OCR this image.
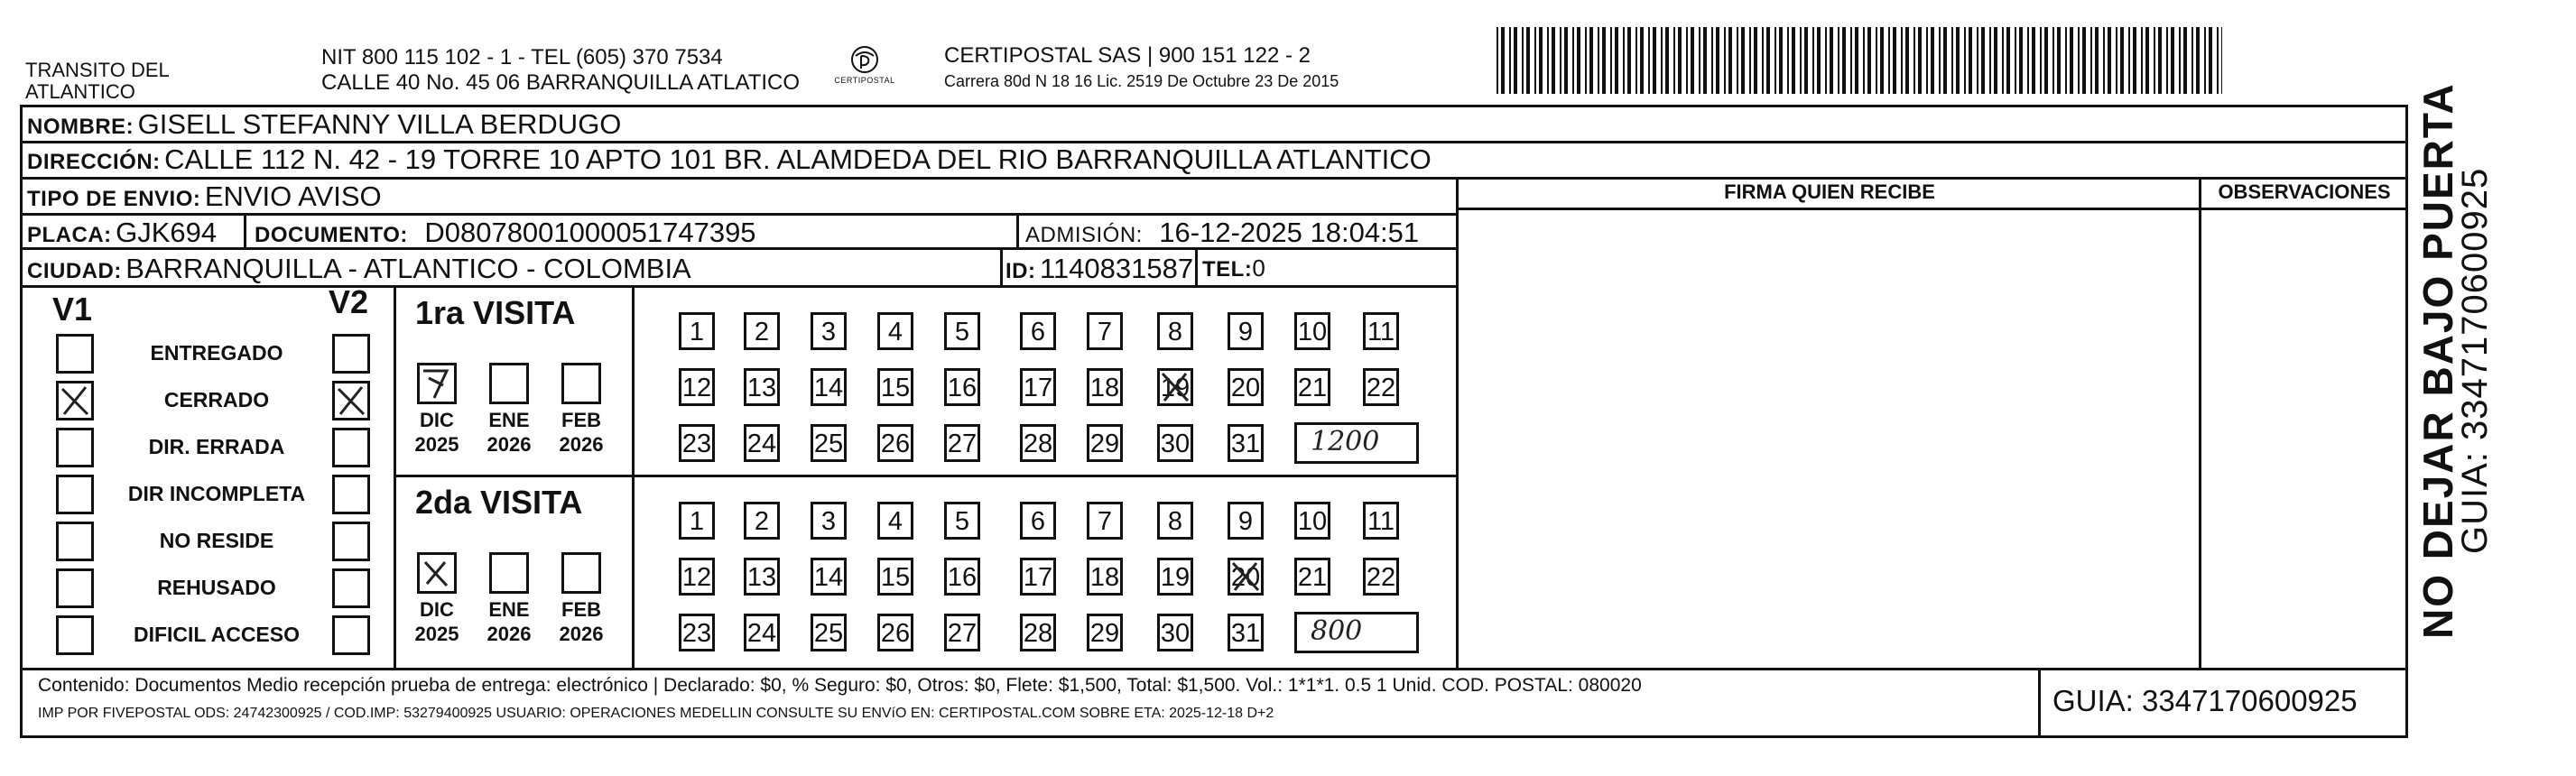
TRANSITO DEL
ATLANTICO
NIT 800 115 102 - 1 - TEL (605) 370 7534
CALLE 40 No. 45 06 BARRANQUILLA ATLATICO	CERTIPOSTAL
CERTIPOSTAL SAS | 900 151 122 - 2
Carrera 80d N 18 16 Lic. 2519 De Octubre 23 De 2015
NOMBRE: GISELL STEFANNY VILLA BERDUGO
DIRECCIÓN: CALLE 112 N. 42 - 19 TORRE 10 APTO 101 BR. ALAMDEDA DEL RIO BARRANQUILLA ATLANTICO
TIPO DE ENVIO: ENVIO AVISO
PLACA: GJK694 DOCUMENTO: D08078001000051747395	ADMISIÓN: 16-12-2025 18:04:51
CIUDAD: BARRANQUILLA - ATLANTICO - COLOMBIA	ID: 1140831587 TEL:0
FIRMA QUIEN RECIBE	OBSERVACIONES
V1	V2
ENTREGADO
CERRADO
DIR. ERRADA
DIR INCOMPLETA
NO RESIDE
REHUSADO
DIFICIL ACCESO
1ra VISITA
DIC
2025
ENE
2026
FEB
2026
1	2	3	4	5	6	7	8	9	10 11
12 13 14 15 16 17 18 19 20 21 22
23 24 25 26 27 28 29 30 31 1200
2da VISITA
DIC
2025
ENE
2026
FEB
2026
1	2	3	4	5	6	7	8	9	10 11
12 13 14 15 16 17 18 19 20 21 22
23 24 25 26 27 28 29 30 31 800
Contenido: Documentos Medio recepción prueba de entrega: electrónico | Declarado: $0, % Seguro: $0, Otros: $0, Flete: $1,500, Total: $1,500. Vol.: 1*1*1. 0.5 1 Unid. COD. POSTAL: 080020
IMP POR FIVEPOSTAL ODS: 24742300925 / COD.IMP: 53279400925 USUARIO: OPERACIONES MEDELLIN CONSULTE SU ENVíO EN: CERTIPOSTAL.COM SOBRE ETA: 2025-12-18 D+2	GUIA: 3347170600925
NO DEJAR BAJO PUERTA
GUIA: 3347170600925
